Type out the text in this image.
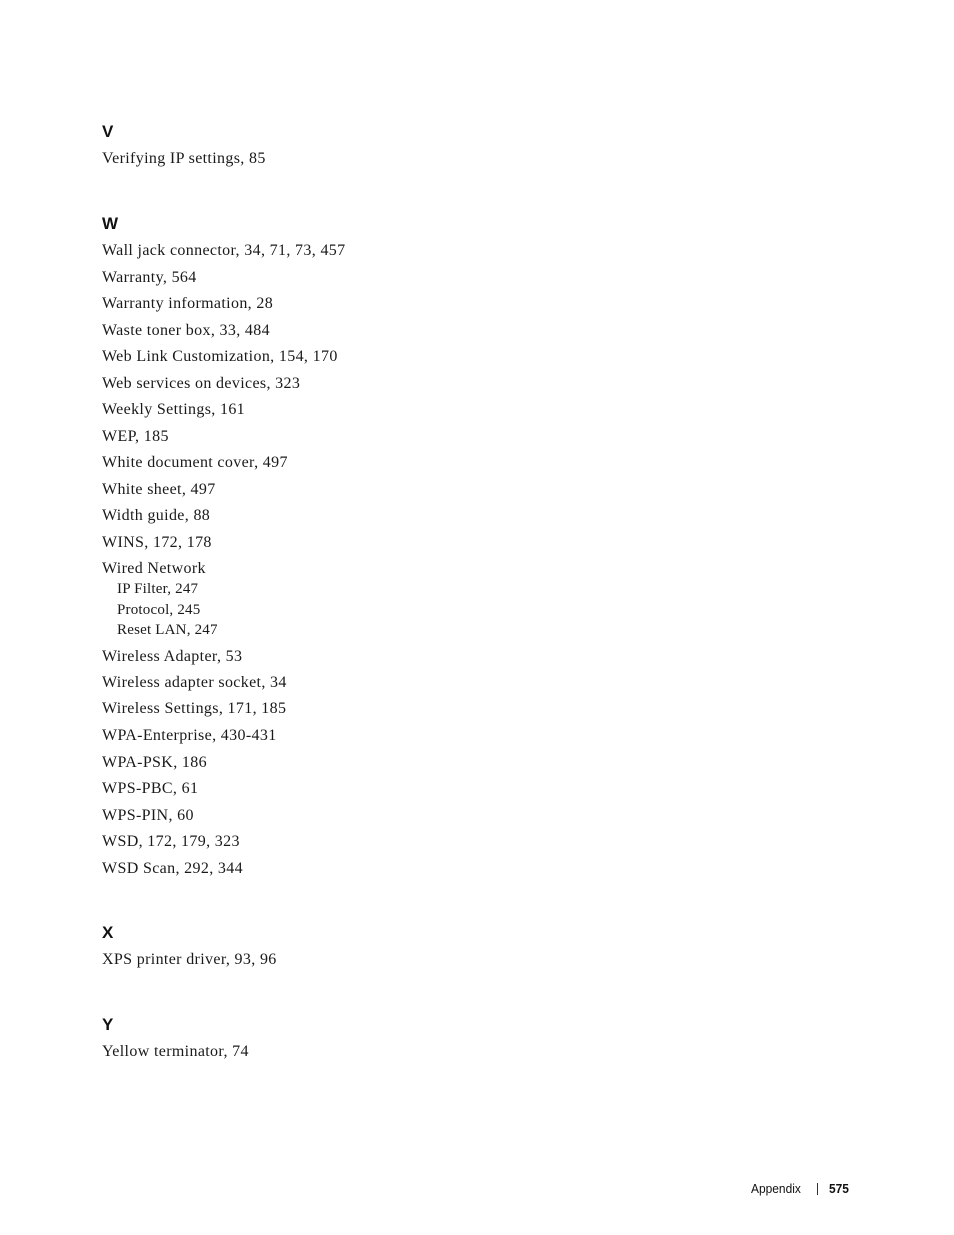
V
Verifying IP settings, 85
W
Wall jack connector, 34, 71, 73, 457
Warranty, 564
Warranty information, 28
Waste toner box, 33, 484
Web Link Customization, 154, 170
Web services on devices, 323
Weekly Settings, 161
WEP, 185
White document cover, 497
White sheet, 497
Width guide, 88
WINS, 172, 178
Wired Network
IP Filter, 247
Protocol, 245
Reset LAN, 247
Wireless Adapter, 53
Wireless adapter socket, 34
Wireless Settings, 171, 185
WPA-Enterprise, 430-431
WPA-PSK, 186
WPS-PBC, 61
WPS-PIN, 60
WSD, 172, 179, 323
WSD Scan, 292, 344
X
XPS printer driver, 93, 96
Y
Yellow terminator, 74
Appendix 575
